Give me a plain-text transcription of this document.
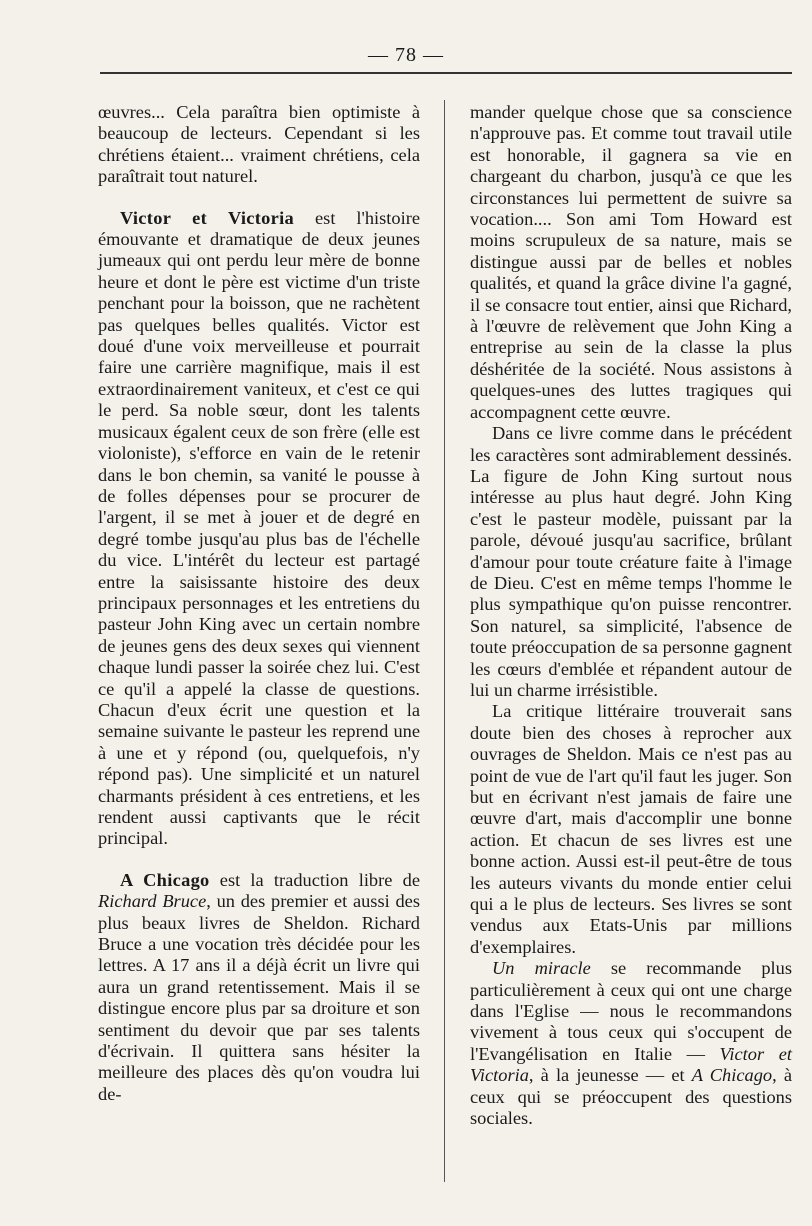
— 78 —

œuvres... Cela paraîtra bien optimiste à beaucoup de lecteurs. Cependant si les chrétiens étaient... vraiment chrétiens, cela paraîtrait tout naturel.

Victor et Victoria est l'histoire émouvante et dramatique de deux jeunes jumeaux qui ont perdu leur mère de bonne heure et dont le père est victime d'un triste penchant pour la boisson, que ne rachètent pas quelques belles qualités. Victor est doué d'une voix merveilleuse et pourrait faire une carrière magnifique, mais il est extraordinairement vaniteux, et c'est ce qui le perd. Sa noble sœur, dont les talents musicaux égalent ceux de son frère (elle est violoniste), s'efforce en vain de le retenir dans le bon chemin, sa vanité le pousse à de folles dépenses pour se procurer de l'argent, il se met à jouer et de degré en degré tombe jusqu'au plus bas de l'échelle du vice. L'intérêt du lecteur est partagé entre la saisissante histoire des deux principaux personnages et les entretiens du pasteur John King avec un certain nombre de jeunes gens des deux sexes qui viennent chaque lundi passer la soirée chez lui. C'est ce qu'il a appelé la classe de questions. Chacun d'eux écrit une question et la semaine suivante le pasteur les reprend une à une et y répond (ou, quelquefois, n'y répond pas). Une simplicité et un naturel charmants président à ces entretiens, et les rendent aussi captivants que le récit principal.

A Chicago est la traduction libre de Richard Bruce, un des premier et aussi des plus beaux livres de Sheldon. Richard Bruce a une vocation très décidée pour les lettres. A 17 ans il a déjà écrit un livre qui aura un grand retentissement. Mais il se distingue encore plus par sa droiture et son sentiment du devoir que par ses talents d'écrivain. Il quittera sans hésiter la meilleure des places dès qu'on voudra lui de-

mander quelque chose que sa conscience n'approuve pas. Et comme tout travail utile est honorable, il gagnera sa vie en chargeant du charbon, jusqu'à ce que les circonstances lui permettent de suivre sa vocation.... Son ami Tom Howard est moins scrupuleux de sa nature, mais se distingue aussi par de belles et nobles qualités, et quand la grâce divine l'a gagné, il se consacre tout entier, ainsi que Richard, à l'œuvre de relèvement que John King a entreprise au sein de la classe la plus déshéritée de la société. Nous assistons à quelques-unes des luttes tragiques qui accompagnent cette œuvre.

Dans ce livre comme dans le précédent les caractères sont admirablement dessinés. La figure de John King surtout nous intéresse au plus haut degré. John King c'est le pasteur modèle, puissant par la parole, dévoué jusqu'au sacrifice, brûlant d'amour pour toute créature faite à l'image de Dieu. C'est en même temps l'homme le plus sympathique qu'on puisse rencontrer. Son naturel, sa simplicité, l'absence de toute préoccupation de sa personne gagnent les cœurs d'emblée et répandent autour de lui un charme irrésistible.

La critique littéraire trouverait sans doute bien des choses à reprocher aux ouvrages de Sheldon. Mais ce n'est pas au point de vue de l'art qu'il faut les juger. Son but en écrivant n'est jamais de faire une œuvre d'art, mais d'accomplir une bonne action. Et chacun de ses livres est une bonne action. Aussi est-il peut-être de tous les auteurs vivants du monde entier celui qui a le plus de lecteurs. Ses livres se sont vendus aux Etats-Unis par millions d'exemplaires.

Un miracle se recommande plus particulièrement à ceux qui ont une charge dans l'Eglise — nous le recommandons vivement à tous ceux qui s'occupent de l'Evangélisation en Italie — Victor et Victoria, à la jeunesse — et A Chicago, à ceux qui se préoccupent des questions sociales.
